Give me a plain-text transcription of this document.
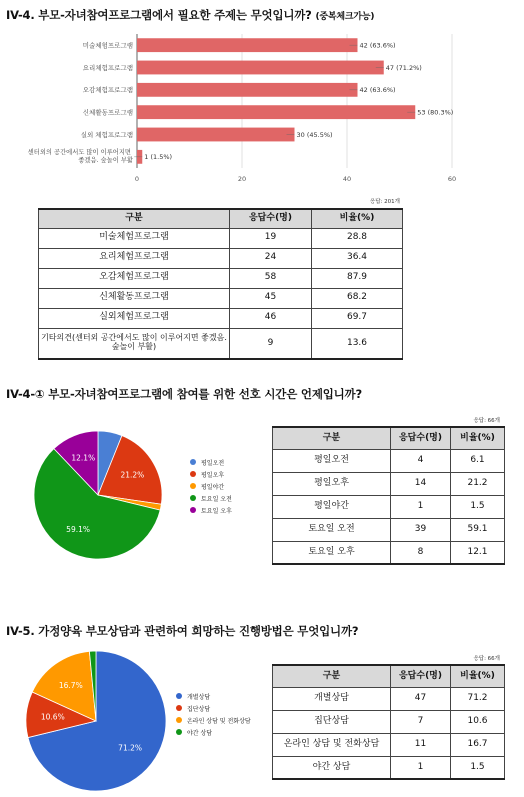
IV-4. 부모-자녀참여프로그램에서 필요한 주제는 무엇입니까? (중복체크가능)
0	20	40	60
42 (63.6%)
47 (71.2%)
42 (63.6%)
53 (80.3%)
30 (45.5%)
1 (1.5%)
미술체험프로그램
요리체험프로그램
오감체험프로그램
신체활동프로그램
실외 체험프로그램
센터외의 공간에서도 많이 이루어지면 좋겠음. 숲놀이 부활
응답: 201개
구분	응답수(명)	비율(%)
미술체험프로그램	19	28.8
요리체험프로그램	24	36.4
오감체험프로그램	58	87.9
신체활동프로그램	45	68.2
실외체험프로그램	46	69.7
기타의견(센터외 공간에서도 많이 이루어지면 좋겠음. 숲놀이 부활)	9	13.6
IV-4-① 부모-자녀참여프로그램에 참여를 위한 선호 시간은 언제입니까?
21.2%
59.1%
12.1%
평일오전
평일오후
평일야간
토요일 오전
토요일 오후
응답: 66개
구분	응답수(명)	비율(%)
평일오전	4	6.1
평일오후	14	21.2
평일야간	1	1.5
토요일 오전	39	59.1
토요일 오후	8	12.1
IV-5. 가정양육 부모상담과 관련하여 희망하는 진행방법은 무엇입니까?
71.2%
10.6%
16.7%
개별상담
집단상담
온라인 상담 및 전화상담
야간 상담
응답: 66개
구분	응답수(명)	비율(%)
개별상담	47	71.2
집단상담	7	10.6
온라인 상담 및 전화상담	11	16.7
야간 상담	1	1.5
